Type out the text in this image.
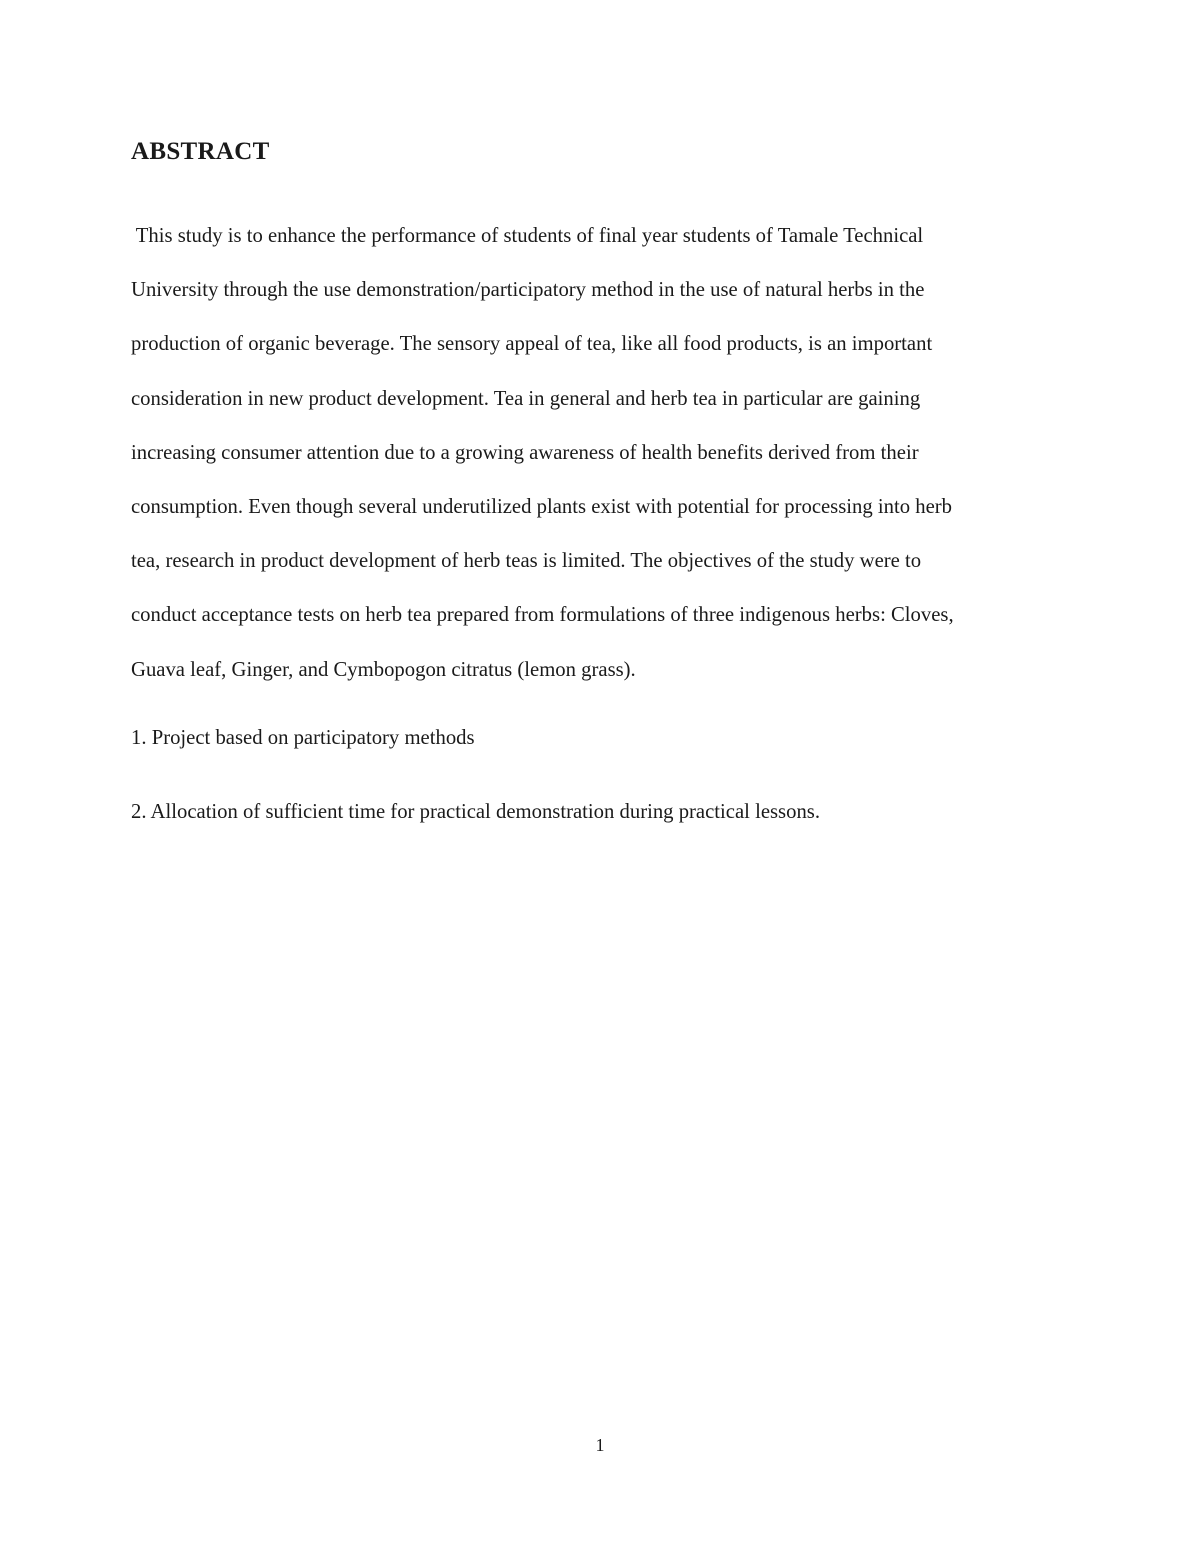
ABSTRACT

This study is to enhance the performance of students of final year students of Tamale Technical
University through the use demonstration/participatory method in the use of natural herbs in the
production of organic beverage. The sensory appeal of tea, like all food products, is an important
consideration in new product development. Tea in general and herb tea in particular are gaining
increasing consumer attention due to a growing awareness of health benefits derived from their
consumption. Even though several underutilized plants exist with potential for processing into herb
tea, research in product development of herb teas is limited. The objectives of the study were to
conduct acceptance tests on herb tea prepared from formulations of three indigenous herbs: Cloves,
Guava leaf, Ginger, and Cymbopogon citratus (lemon grass).

1. Project based on participatory methods

2. Allocation of sufficient time for practical demonstration during practical lessons.

1
